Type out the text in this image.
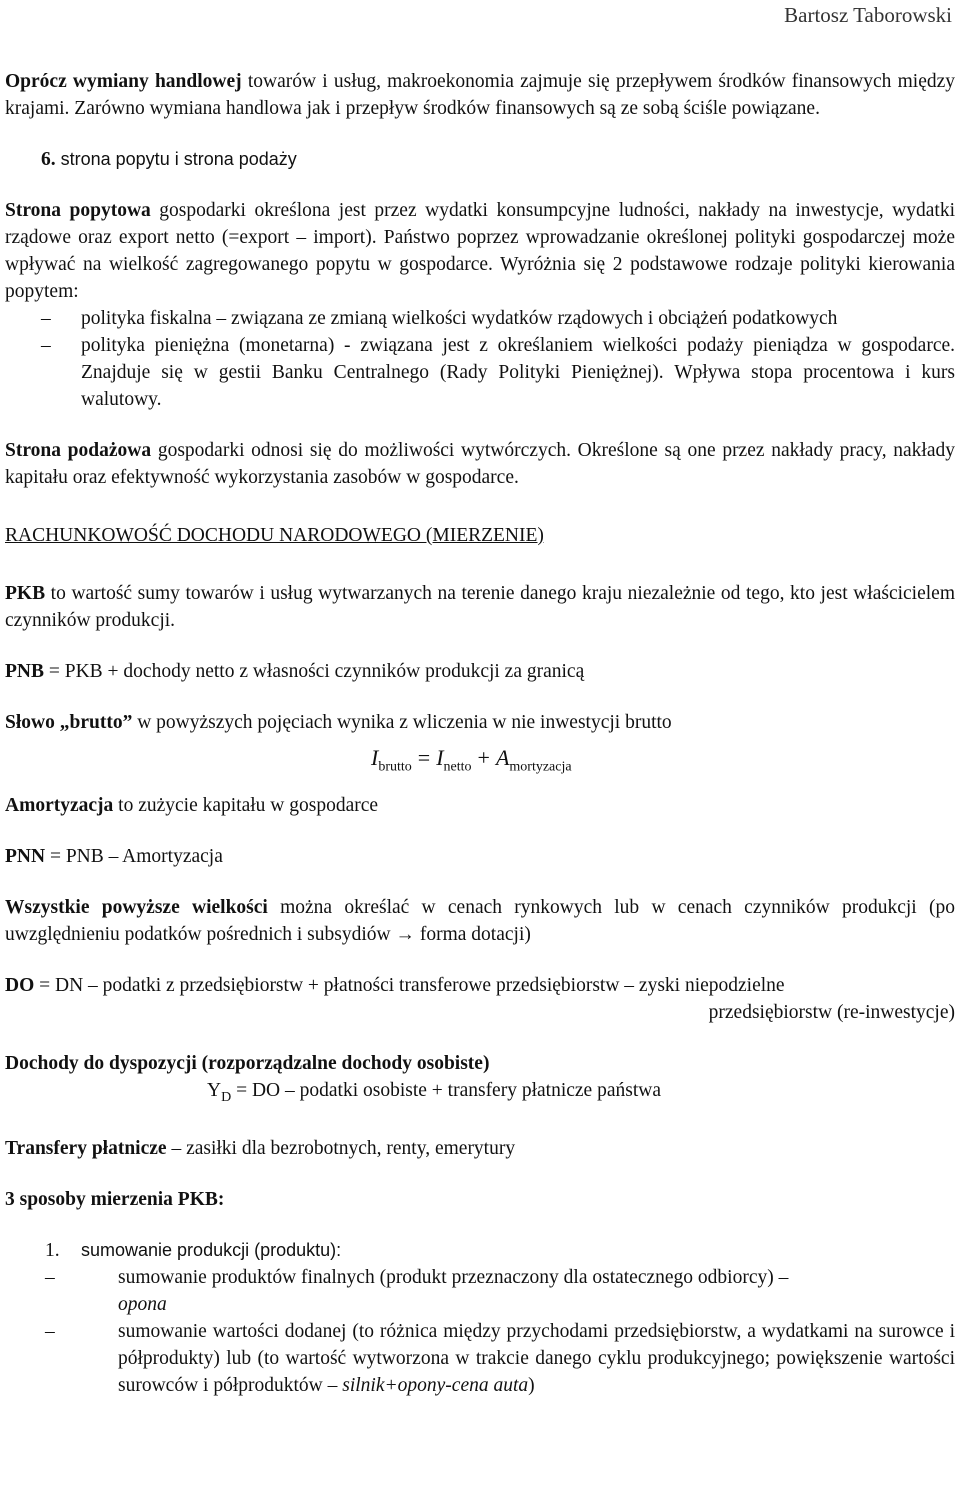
Bartosz Taborowski

Oprócz wymiany handlowej towarów i usług, makroekonomia zajmuje się przepływem środków finansowych między krajami. Zarówno wymiana handlowa jak i przepływ środków finansowych są ze sobą ściśle powiązane.

6. strona popytu i strona podaży

Strona popytowa gospodarki określona jest przez wydatki konsumpcyjne ludności, nakłady na inwestycje, wydatki rządowe oraz export netto (=export – import). Państwo poprzez wprowadzanie określonej polityki gospodarczej może wpływać na wielkość zagregowanego popytu w gospodarce. Wyróżnia się 2 podstawowe rodzaje polityki kierowania popytem:

– polityka fiskalna – związana ze zmianą wielkości wydatków rządowych i obciążeń podatkowych
– polityka pieniężna (monetarna) - związana jest z określaniem wielkości podaży pieniądza w gospodarce. Znajduje się w gestii Banku Centralnego (Rady Polityki Pieniężnej). Wpływa stopa procentowa i kurs walutowy.

Strona podażowa gospodarki odnosi się do możliwości wytwórczych. Określone są one przez nakłady pracy, nakłady kapitału oraz efektywność wykorzystania zasobów w gospodarce.

RACHUNKOWOŚĆ DOCHODU NARODOWEGO (MIERZENIE)

PKB to wartość sumy towarów i usług wytwarzanych na terenie danego kraju niezależnie od tego, kto jest właścicielem czynników produkcji.

PNB = PKB + dochody netto z własności czynników produkcji za granicą

Słowo „brutto” w powyższych pojęciach wynika z wliczenia w nie inwestycji brutto

$I_{brutto} = I_{netto} + A_{mortyzacja}$

Amortyzacja to zużycie kapitału w gospodarce

PNN = PNB – Amortyzacja

Wszystkie powyższe wielkości można określać w cenach rynkowych lub w cenach czynników produkcji (po uwzględnieniu podatków pośrednich i subsydiów → forma dotacji)

DO = DN – podatki z przedsiębiorstw + płatności transferowe przedsiębiorstw – zyski niepodzielne

przedsiębiorstw (re-inwestycje)

Dochody do dyspozycji (rozporządzalne dochody osobiste)

$Y_D$ = DO – podatki osobiste + transfery płatnicze państwa

Transfery płatnicze – zasiłki dla bezrobotnych, renty, emerytury

3 sposoby mierzenia PKB:

1. sumowanie produkcji (produktu):

–	sumowanie produktów finalnych (produkt przeznaczony dla ostatecznego odbiorcy) –
opona
–	sumowanie wartości dodanej (to różnica między przychodami przedsiębiorstw, a wydatkami na surowce i półprodukty) lub (to wartość wytworzona w trakcie danego cyklu produkcyjnego; powiększenie wartości surowców i półproduktów – silnik+opony-cena auta)
